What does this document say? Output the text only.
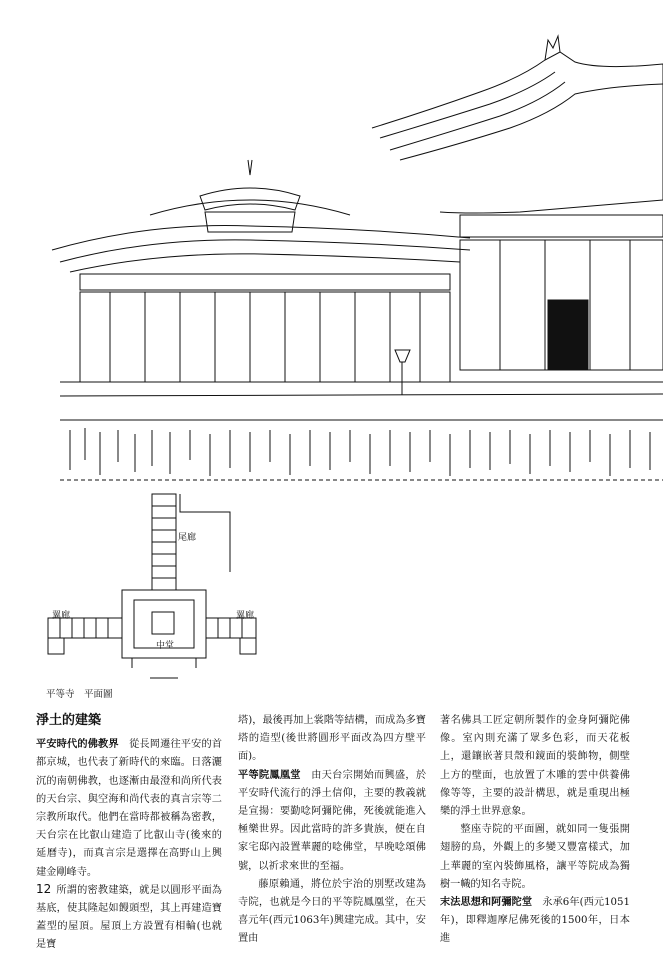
尾廊
翼廊	翼廊
中堂
平等寺　平面圖
淨土的建築

平安時代的佛教界　從長岡遷往平安的首都京城，也代表了新時代的來臨。日落灑沉的南朝佛教，也逐漸由最澄和尚所代表的天台宗、與空海和尚代表的真言宗等二宗教所取代。他們在當時都被稱為密教，天台宗在比叡山建造了比叡山寺(後來的延曆寺)，而真言宗是選擇在高野山上興建金剛峰寺。

所謂的密教建築，就是以圓形平面為基底，使其隆起如饅頭型，其上再建造寶蓋型的屋頂。屋頂上方設置有相輪(也就是寶

塔)，最後再加上裳階等結構，而成為多寶塔的造型(後世將圓形平面改為四方壁平面)。

平等院鳳凰堂　由天台宗開始而興盛，於平安時代流行的淨土信仰，主要的教義就是宣揚：要勤唸阿彌陀佛，死後就能進入極樂世界。因此當時的許多貴族，便在自家宅邸內設置華麗的唸佛堂，早晚唸頌佛號，以祈求來世的至福。

藤原賴通，將位於宇治的別墅改建為寺院，也就是今日的平等院鳳凰堂，在天喜元年(西元1063年)興建完成。其中，安置由

著名佛具工匠定朝所製作的金身阿彌陀佛像。室內則充滿了眾多色彩，而天花板上，還鑲嵌著貝殼和鏡面的裝飾物，側壁上方的壁面，也放置了木雕的雲中供養佛像等等，主要的設計構思，就是重現出極樂的淨土世界意象。

整座寺院的平面圖，就如同一隻張開翅膀的鳥，外觀上的多變又豐富樣式，加上華麗的室內裝飾風格，讓平等院成為獨樹一幟的知名寺院。

末法思想和阿彌陀堂　永承6年(西元1051年)，即釋迦摩尼佛死後的1500年，日本進

12
